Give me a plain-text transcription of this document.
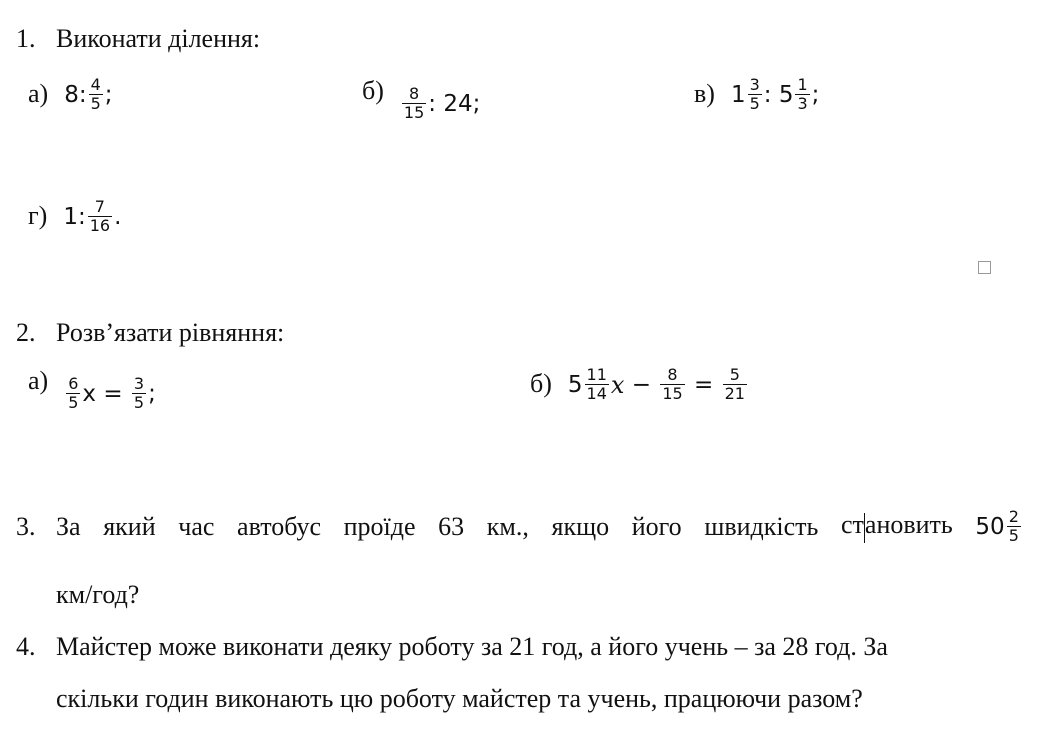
1. Виконати ділення:
а) 8 : $\frac{4}{5}$ ;	$б) \frac{8}{15}$ : 24 ;	в) $1 \frac{3}{5}$ : $5 \frac{1}{3}$ ;
г) 1 : $\frac{7}{16}$ .
2. Розв’язати рівняння:
$а) \frac{6}{5}$ x
=
$\frac{3}{5}$ ;	б) $5 \frac{11}{14}$ x
−
$\frac{8}{15}$
=
$\frac{5}{21}$
3. За який час автобус проїде 63 км., якщо його швидкість становить $50 \frac{2}{5}$
км/год?
4. Майстер може виконати деяку роботу за 21 год, а його учень – за 28 год. За
скільки годин виконають цю роботу майстер та учень, працюючи разом?
